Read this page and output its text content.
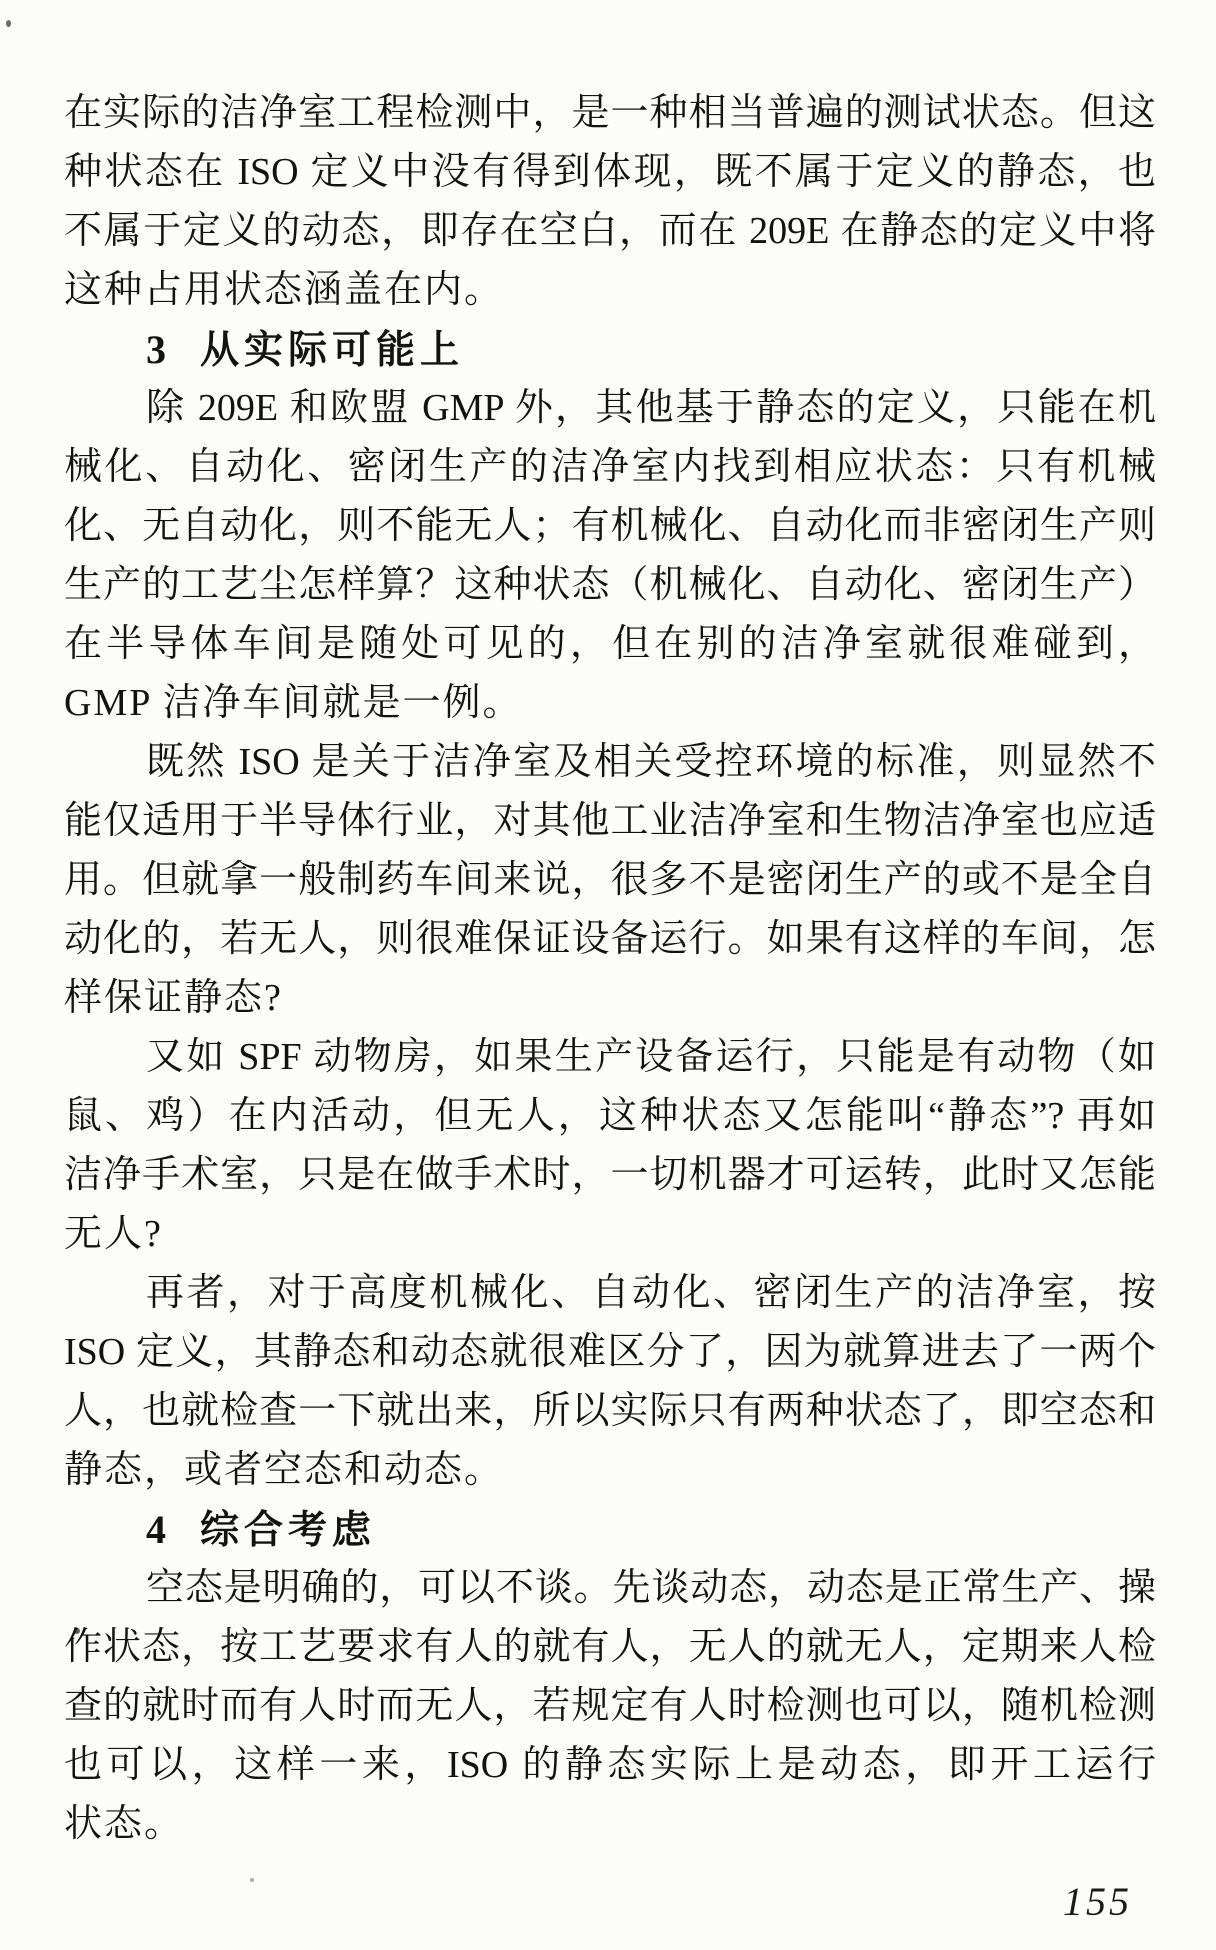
在实际的洁净室工程检测中，是一种相当普遍的测试状态。但这
种状态在 ISO 定义中没有得到体现，既不属于定义的静态，也
不属于定义的动态，即存在空白，而在 209E 在静态的定义中将
这种占用状态涵盖在内。
3 从实际可能上
除 209E 和欧盟 GMP 外，其他基于静态的定义，只能在机
械化、自动化、密闭生产的洁净室内找到相应状态：只有机械
化、无自动化，则不能无人；有机械化、自动化而非密闭生产则
生产的工艺尘怎样算？这种状态（机械化、自动化、密闭生产）
在半导体车间是随处可见的，但在别的洁净室就很难碰到，
GMP 洁净车间就是一例。
既然 ISO 是关于洁净室及相关受控环境的标准，则显然不
能仅适用于半导体行业，对其他工业洁净室和生物洁净室也应适
用。但就拿一般制药车间来说，很多不是密闭生产的或不是全自
动化的，若无人，则很难保证设备运行。如果有这样的车间，怎
样保证静态?
又如 SPF 动物房，如果生产设备运行，只能是有动物（如
鼠、鸡）在内活动，但无人，这种状态又怎能叫“静态”? 再如
洁净手术室，只是在做手术时，一切机器才可运转，此时又怎能
无人?
再者，对于高度机械化、自动化、密闭生产的洁净室，按
ISO 定义，其静态和动态就很难区分了，因为就算进去了一两个
人，也就检查一下就出来，所以实际只有两种状态了，即空态和
静态，或者空态和动态。
4 综合考虑
空态是明确的，可以不谈。先谈动态，动态是正常生产、操
作状态，按工艺要求有人的就有人，无人的就无人，定期来人检
查的就时而有人时而无人，若规定有人时检测也可以，随机检测
也可以，这样一来，ISO 的静态实际上是动态，即开工运行
状态。
155
